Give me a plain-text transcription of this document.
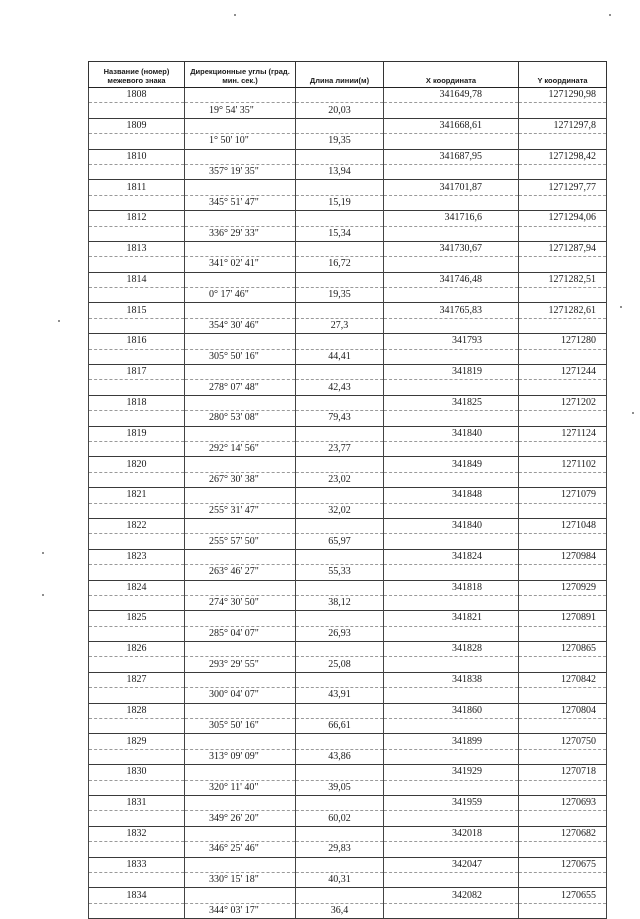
Название (номер) межевого знака	Дирекционные углы (град. мин. сек.)	Длина линии(м)	X координата	Y координата
1808			341649,78	1271290,98
	19° 54' 35"	20,03		
1809			341668,61	1271297,8
	1° 50' 10"	19,35		
1810			341687,95	1271298,42
	357° 19' 35"	13,94		
1811			341701,87	1271297,77
	345° 51' 47"	15,19		
1812			341716,6	1271294,06
	336° 29' 33"	15,34		
1813			341730,67	1271287,94
	341° 02' 41"	16,72		
1814			341746,48	1271282,51
	0° 17' 46"	19,35		
1815			341765,83	1271282,61
	354° 30' 46"	27,3		
1816			341793	1271280
	305° 50' 16"	44,41		
1817			341819	1271244
	278° 07' 48"	42,43		
1818			341825	1271202
	280° 53' 08"	79,43		
1819			341840	1271124
	292° 14' 56"	23,77		
1820			341849	1271102
	267° 30' 38"	23,02		
1821			341848	1271079
	255° 31' 47"	32,02		
1822			341840	1271048
	255° 57' 50"	65,97		
1823			341824	1270984
	263° 46' 27"	55,33		
1824			341818	1270929
	274° 30' 50"	38,12		
1825			341821	1270891
	285° 04' 07"	26,93		
1826			341828	1270865
	293° 29' 55"	25,08		
1827			341838	1270842
	300° 04' 07"	43,91		
1828			341860	1270804
	305° 50' 16"	66,61		
1829			341899	1270750
	313° 09' 09"	43,86		
1830			341929	1270718
	320° 11' 40"	39,05		
1831			341959	1270693
	349° 26' 20"	60,02		
1832			342018	1270682
	346° 25' 46"	29,83		
1833			342047	1270675
	330° 15' 18"	40,31		
1834			342082	1270655
	344° 03' 17"	36,4		
